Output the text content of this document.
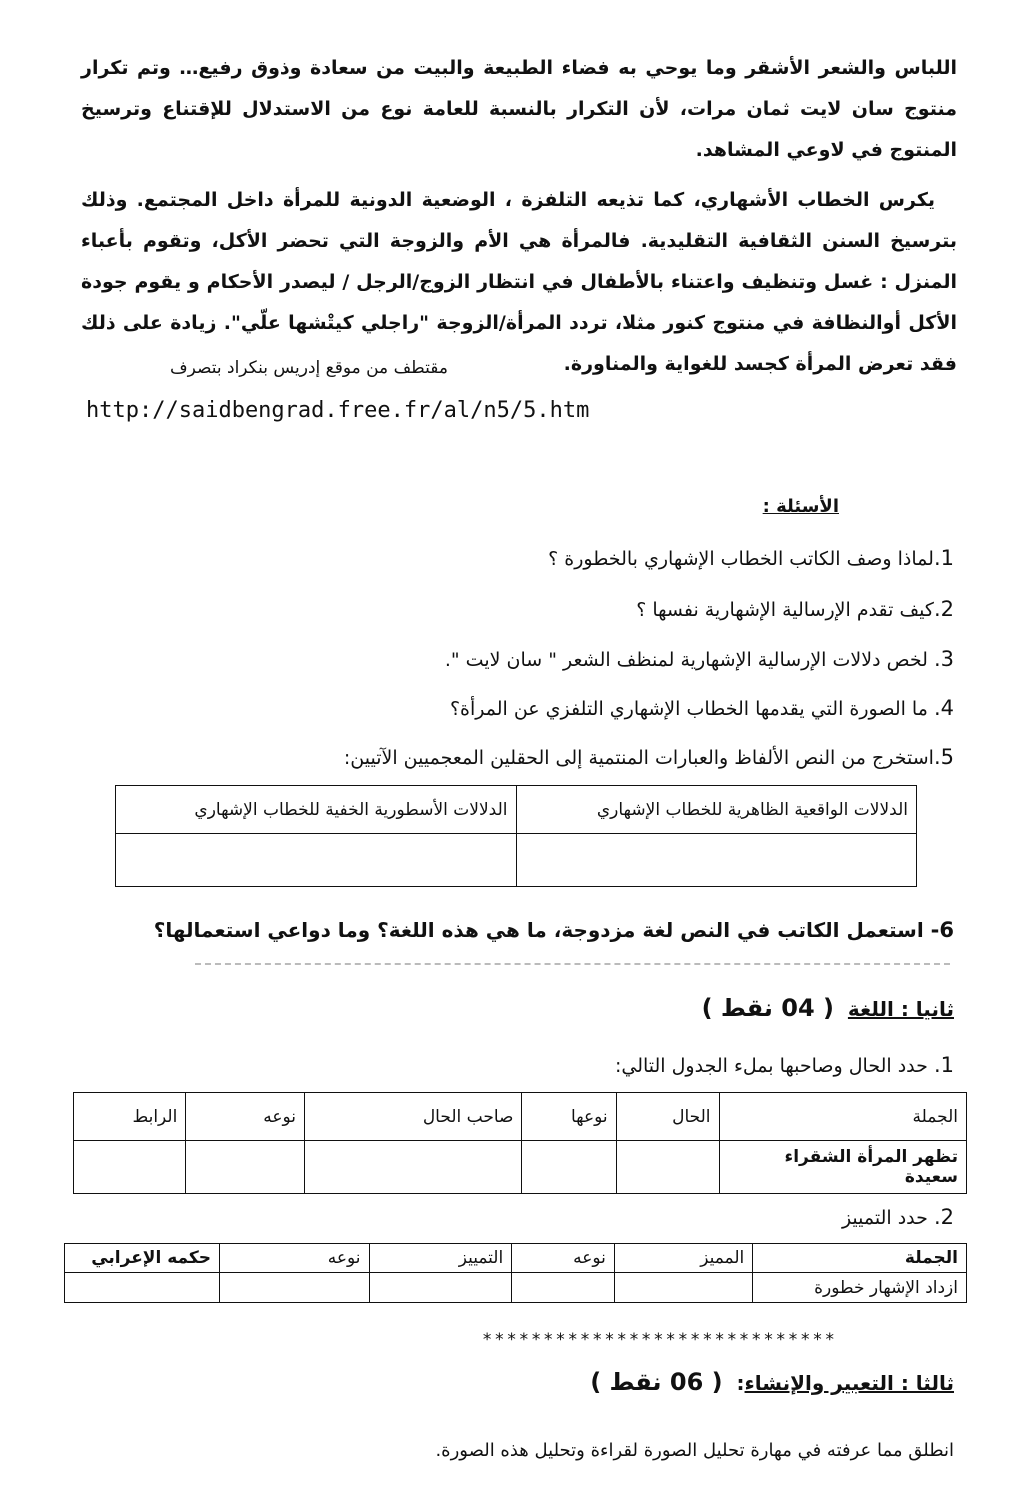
اللباس والشعر الأشقر وما يوحي به فضاء الطبيعة والبيت من سعادة وذوق رفيع… وتم تكرار منتوج سان لايت ثمان مرات، لأن التكرار بالنسبة للعامة نوع من الاستدلال للإقتناع وترسيخ المنتوج في لاوعي المشاهد.

يكرس الخطاب الأشهاري، كما تذيعه التلفزة ، الوضعية الدونية للمرأة داخل المجتمع. وذلك بترسيخ السنن الثقافية التقليدية. فالمرأة هي الأم والزوجة التي تحضر الأكل، وتقوم بأعباء المنزل : غسل وتنظيف واعتناء بالأطفال في انتظار الزوج/الرجل / ليصدر الأحكام و يقوم جودة الأكل أوالنظافة في منتوج كنور مثلا، تردد المرأة/الزوجة "راجلي كيتْشها علّي". زيادة على ذلك فقد تعرض المرأة كجسد للغواية والمناورة.

مقتطف من موقع إدريس بنكراد بتصرف
http://saidbengrad.free.fr/al/n5/5.htm
الأسئلة :
1.لماذا وصف الكاتب الخطاب الإشهاري بالخطورة ؟
2.كيف تقدم الإرسالية الإشهارية نفسها ؟
3. لخص دلالات الإرسالية الإشهارية لمنظف الشعر " سان لايت ".
4. ما الصورة التي يقدمها الخطاب الإشهاري التلفزي عن المرأة؟
5.استخرج من النص الألفاظ والعبارات المنتمية إلى الحقلين المعجميين الآتيين:
الدلالات الواقعية الظاهرية للخطاب الإشهاري	الدلالات الأسطورية الخفية للخطاب الإشهاري

6- استعمل الكاتب في النص لغة مزدوجة، ما هي هذه اللغة؟ وما دواعي استعمالها؟
ثانيا : اللغة  ( 04 نقط )
1. حدد الحال وصاحبها بملء الجدول التالي:
الجملة	الحال	نوعها	صاحب الحال	نوعه	الرابط
تظهر المرأة الشقراء سعيدة					
2. حدد التمييز
الجملة	المميز	نوعه	التمييز	نوعه	حكمه الإعرابي
ازداد الإشهار خطورة					
*****************************
ثالثا : التعبير والإنشاء:  ( 06 نقط )
انطلق مما عرفته في مهارة تحليل الصورة لقراءة وتحليل هذه الصورة.
